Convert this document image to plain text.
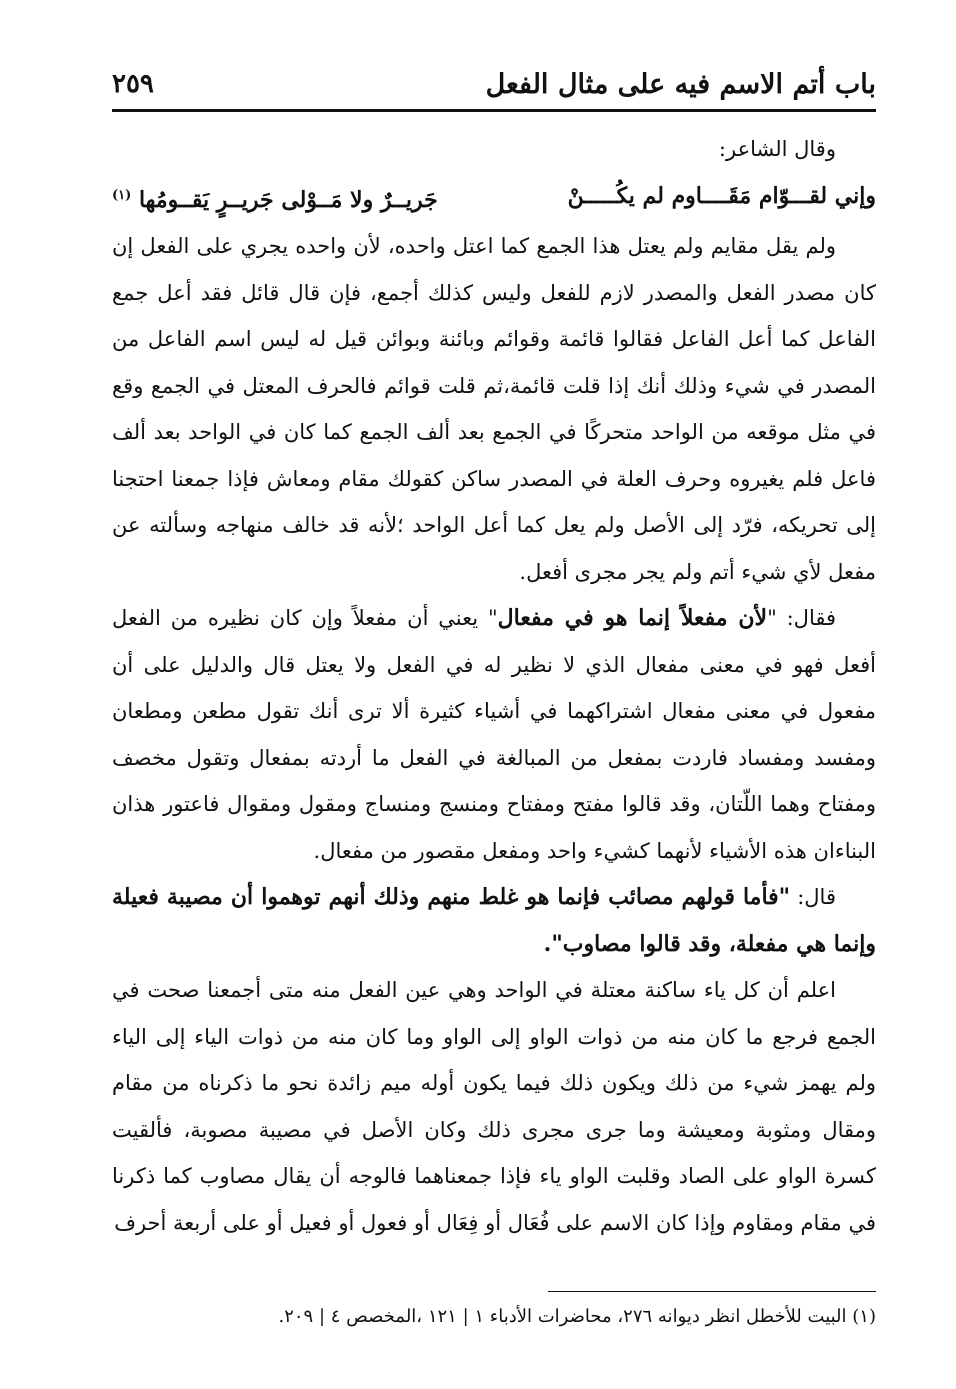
٢٥٩	باب أتم الاسم فيه على مثال الفعل

وقال الشاعر:

وإني لقـــوّام مَقَــــاوم لم يكُـــــنْ
جَريــرٌ ولا مَــوْلى جَريــرٍ يَقــومُها (١)

ولم يقل مقايم ولم يعتل هذا الجمع كما اعتل واحده، لأن واحده يجري على الفعل إن كان مصدر الفعل والمصدر لازم للفعل وليس كذلك أجمع، فإن قال قائل فقد أعل جمع الفاعل كما أعل الفاعل فقالوا قائمة وقوائم وبائنة وبوائن قيل له ليس اسم الفاعل من المصدر في شيء وذلك أنك إذا قلت قائمة،ثم قلت قوائم فالحرف المعتل في الجمع وقع في مثل موقعه من الواحد متحركًا في الجمع بعد ألف الجمع كما كان في الواحد بعد ألف فاعل فلم يغيروه وحرف العلة في المصدر ساكن كقولك مقام ومعاش فإذا جمعنا احتجنا إلى تحريكه، فرّد إلى الأصل ولم يعل كما أعل الواحد ؛لأنه قد خالف منهاجه وسألته عن مفعل لأي شيء أتم ولم يجر مجرى أفعل.

فقال: "لأن مفعلاً إنما هو في مفعال" يعني أن مفعلاً وإن كان نظيره من الفعل أفعل فهو في معنى مفعال الذي لا نظير له في الفعل ولا يعتل قال والدليل على أن مفعول في معنى مفعال اشتراكهما في أشياء كثيرة ألا ترى أنك تقول مطعن ومطعان ومفسد ومفساد فاردت بمفعل من المبالغة في الفعل ما أردته بمفعال وتقول مخصف ومفتاح وهما اللّتان، وقد قالوا مفتح ومفتاح ومنسج ومنساج ومقول ومقوال فاعتور هذان البناءان هذه الأشياء لأنهما كشيء واحد ومفعل مقصور من مفعال.

قال: "فأما قولهم مصائب فإنما هو غلط منهم وذلك أنهم توهموا أن مصيبة فعيلة وإنما هي مفعلة، وقد قالوا مصاوب".

اعلم أن كل ياء ساكنة معتلة في الواحد وهي عين الفعل منه متى أجمعنا صحت في الجمع فرجع ما كان منه من ذوات الواو إلى الواو وما كان منه من ذوات الياء إلى الياء ولم يهمز شيء من ذلك ويكون ذلك فيما يكون أوله ميم زائدة نحو ما ذكرناه من مقام ومقال ومثوبة ومعيشة وما جرى مجرى ذلك وكان الأصل في مصيبة مصوبة، فألقيت كسرة الواو على الصاد وقلبت الواو ياء فإذا جمعناهما فالوجه أن يقال مصاوب كما ذكرنا في مقام ومقاوم وإذا كان الاسم على فُعَال أو فِعَال أو فعول أو فعيل أو على أربعة أحرف

(١) البيت للأخطل انظر ديوانه ٢٧٦، محاضرات الأدباء ١ | ١٢١ ،المخصص ٤ | ٢٠٩.
